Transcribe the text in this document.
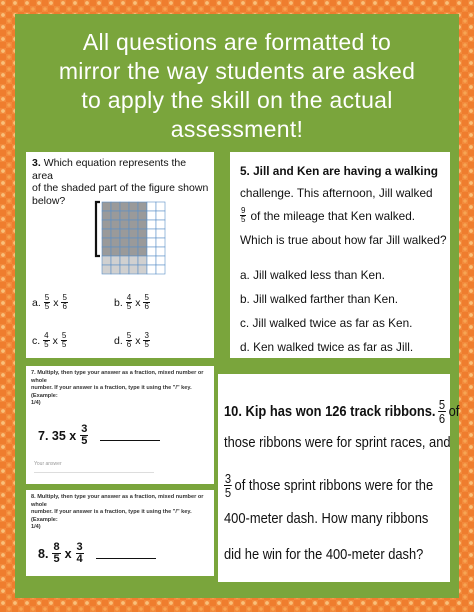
All questions are formatted to
mirror the way students are asked
to apply the skill on the actual
assessment!
3. Which equation represents the area
of the shaded part of the figure shown
below?
a. $\frac{5}{5}$ x $\frac{5}{6}$	b. $\frac{4}{5}$ x $\frac{5}{6}$
c. $\frac{4}{5}$ x $\frac{5}{5}$	d. $\frac{5}{6}$ x $\frac{3}{5}$
5. Jill and Ken are having a walking
challenge. This afternoon, Jill walked
$\frac{9}{5}$ of the mileage that Ken walked.
Which is true about how far Jill walked?
a. Jill walked less than Ken.
b. Jill walked farther than Ken.
c. Jill walked twice as far as Ken.
d. Ken walked twice as far as Jill.
7. Multiply, then type your answer as a fraction, mixed number or whole
number. If your answer is a fraction, type it using the "/" key. (Example:
1/4)
7. 35 x $\frac{3}{5}$
Your answer
8. Multiply, then type your answer as a fraction, mixed number or whole
number. If your answer is a fraction, type it using the "/" key. (Example:
1/4)
8. $\frac{8}{5}$ x $\frac{3}{4}$
10. Kip has won 126 track ribbons. $\frac{5}{6}$ of
those ribbons were for sprint races, and
$\frac{3}{5}$ of those sprint ribbons were for the
400-meter dash. How many ribbons
did he win for the 400-meter dash?
